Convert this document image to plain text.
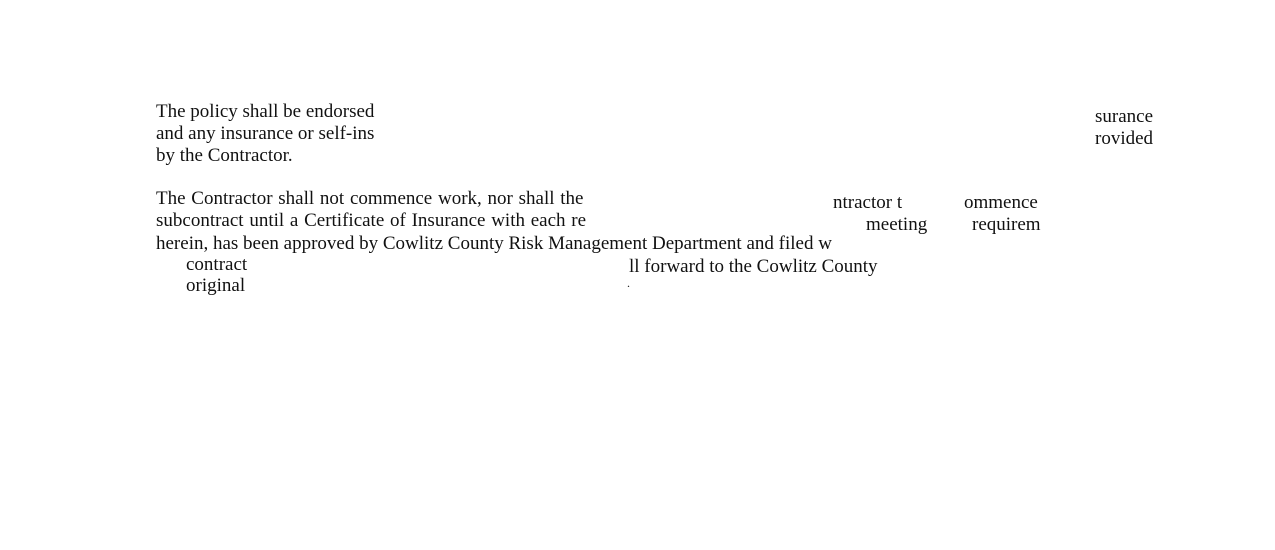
The policy shall be endorsed
and any insurance or self-ins
by the Contractor.
surance
rovided
The Contractor shall not commence work, nor shall the	ntractor t	ommence
subcontract until a Certificate of Insurance with each re	meeting requirem
herein, has been approved by Cowlitz County Risk Management Department and filed w
contract	ll forward to the Cowlitz County
original	.
